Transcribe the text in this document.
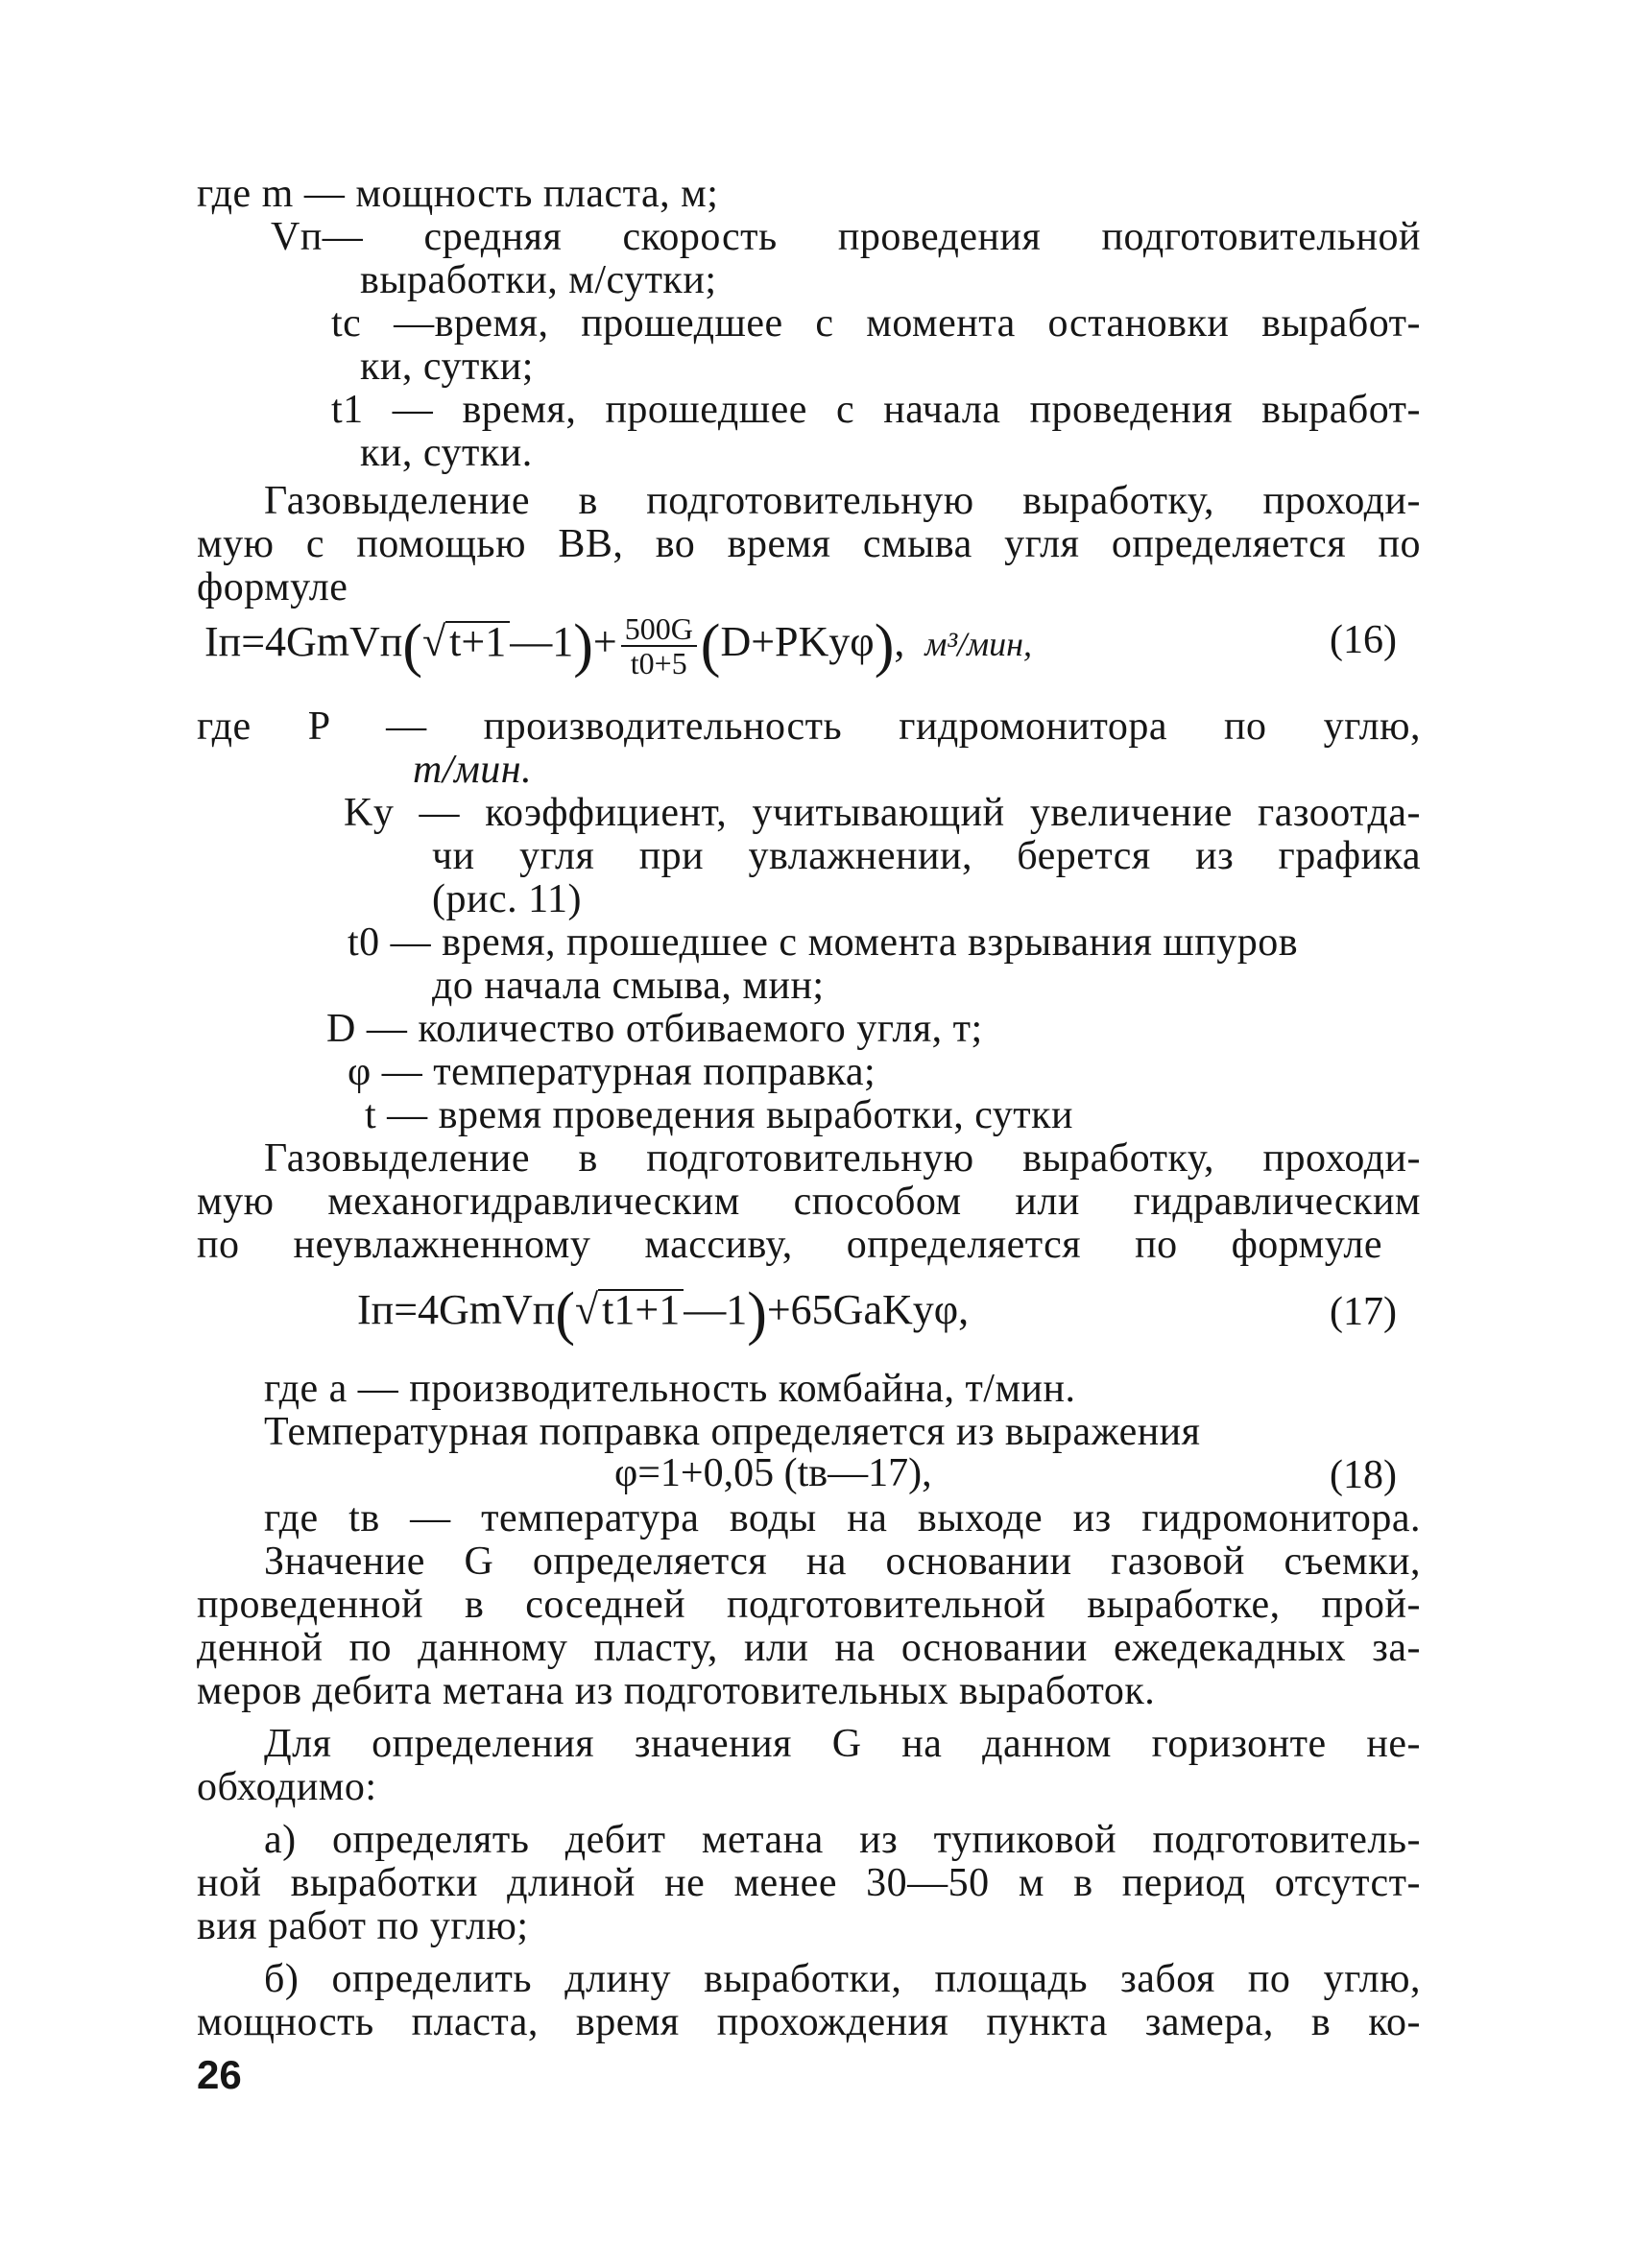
где m — мощность пласта, м;
Vп— средняя скорость проведения подготовительной
выработки, м/сутки;
tс —время, прошедшее с момента остановки выработ-
ки, сутки;
t1 — время, прошедшее с начала проведения выработ-
ки, сутки.
Газовыделение в подготовительную выработку, проходи-
мую с помощью ВВ, во время смыва угля определяется по
формуле
Iп=4GmVп(√t+1—1)+ $\frac{500G}{t0+5} (D+PKу\varphi)$, м³/мин,	(16)
где P — производительность гидромонитора по углю,
т/мин.
Kу — коэффициент, учитывающий увеличение газоотда-
чи угля при увлажнении, берется из графика
(рис. 11)
t0 — время, прошедшее с момента взрывания шпуров
до начала смыва, мин;
D — количество отбиваемого угля, т;
φ — температурная поправка;
t — время проведения выработки, сутки
Газовыделение в подготовительную выработку, проходи-
мую механогидравлическим способом или гидравлическим
по неувлажненному массиву, определяется по формуле
Iп=4GmVп(√t1+1—1)+65GaKуφ,	(17)
где a — производительность комбайна, т/мин.
Температурная поправка определяется из выражения
φ=1+0,05 (tв—17),	(18)
где tв — температура воды на выходе из гидромонитора.
Значение G определяется на основании газовой съемки,
проведенной в соседней подготовительной выработке, прой-
денной по данному пласту, или на основании ежедекадных за-
меров дебита метана из подготовительных выработок.
Для определения значения G на данном горизонте не-
обходимо:
а) определять дебит метана из тупиковой подготовитель-
ной выработки длиной не менее 30—50 м в период отсутст-
вия работ по углю;
б) определить длину выработки, площадь забоя по углю,
мощность пласта, время прохождения пункта замера, в ко-
26
